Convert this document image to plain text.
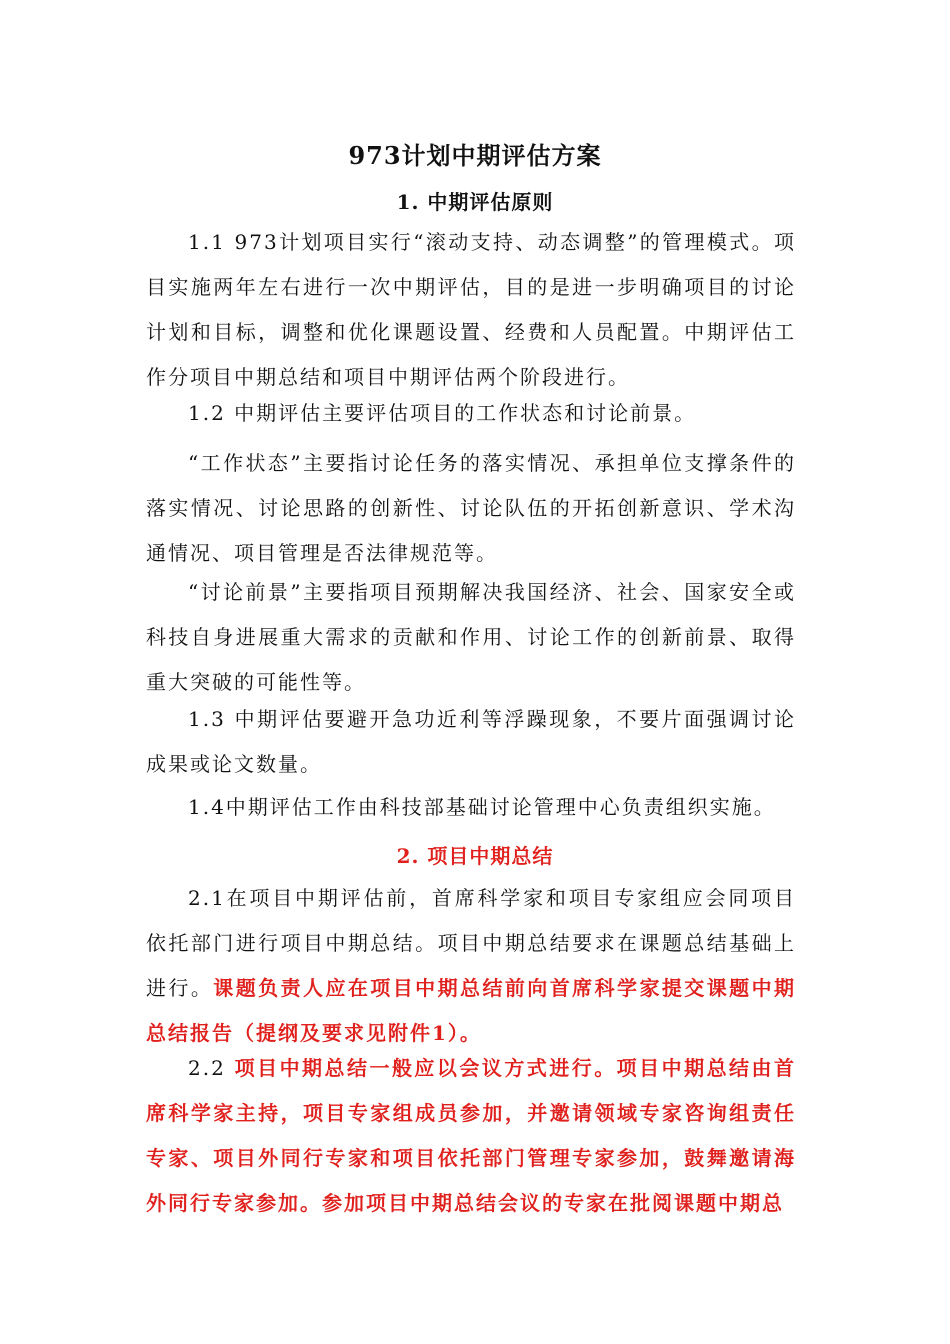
973计划中期评估方案
1. 中期评估原则
1.1 973计划项目实行“滚动支持、动态调整”的管理模式。项目实施两年左右进行一次中期评估，目的是进一步明确项目的讨论计划和目标，调整和优化课题设置、经费和人员配置。中期评估工作分项目中期总结和项目中期评估两个阶段进行。
1.2 中期评估主要评估项目的工作状态和讨论前景。
“工作状态”主要指讨论任务的落实情况、承担单位支撑条件的落实情况、讨论思路的创新性、讨论队伍的开拓创新意识、学术沟通情况、项目管理是否法律规范等。
“讨论前景”主要指项目预期解决我国经济、社会、国家安全或科技自身进展重大需求的贡献和作用、讨论工作的创新前景、取得重大突破的可能性等。
1.3 中期评估要避开急功近利等浮躁现象，不要片面强调讨论成果或论文数量。
1.4中期评估工作由科技部基础讨论管理中心负责组织实施。
2. 项目中期总结
2.1在项目中期评估前，首席科学家和项目专家组应会同项目依托部门进行项目中期总结。项目中期总结要求在课题总结基础上进行。课题负责人应在项目中期总结前向首席科学家提交课题中期总结报告（提纲及要求见附件1）。
2.2 项目中期总结一般应以会议方式进行。项目中期总结由首席科学家主持，项目专家组成员参加，并邀请领域专家咨询组责任专家、项目外同行专家和项目依托部门管理专家参加，鼓舞邀请海外同行专家参加。参加项目中期总结会议的专家在批阅课题中期总
